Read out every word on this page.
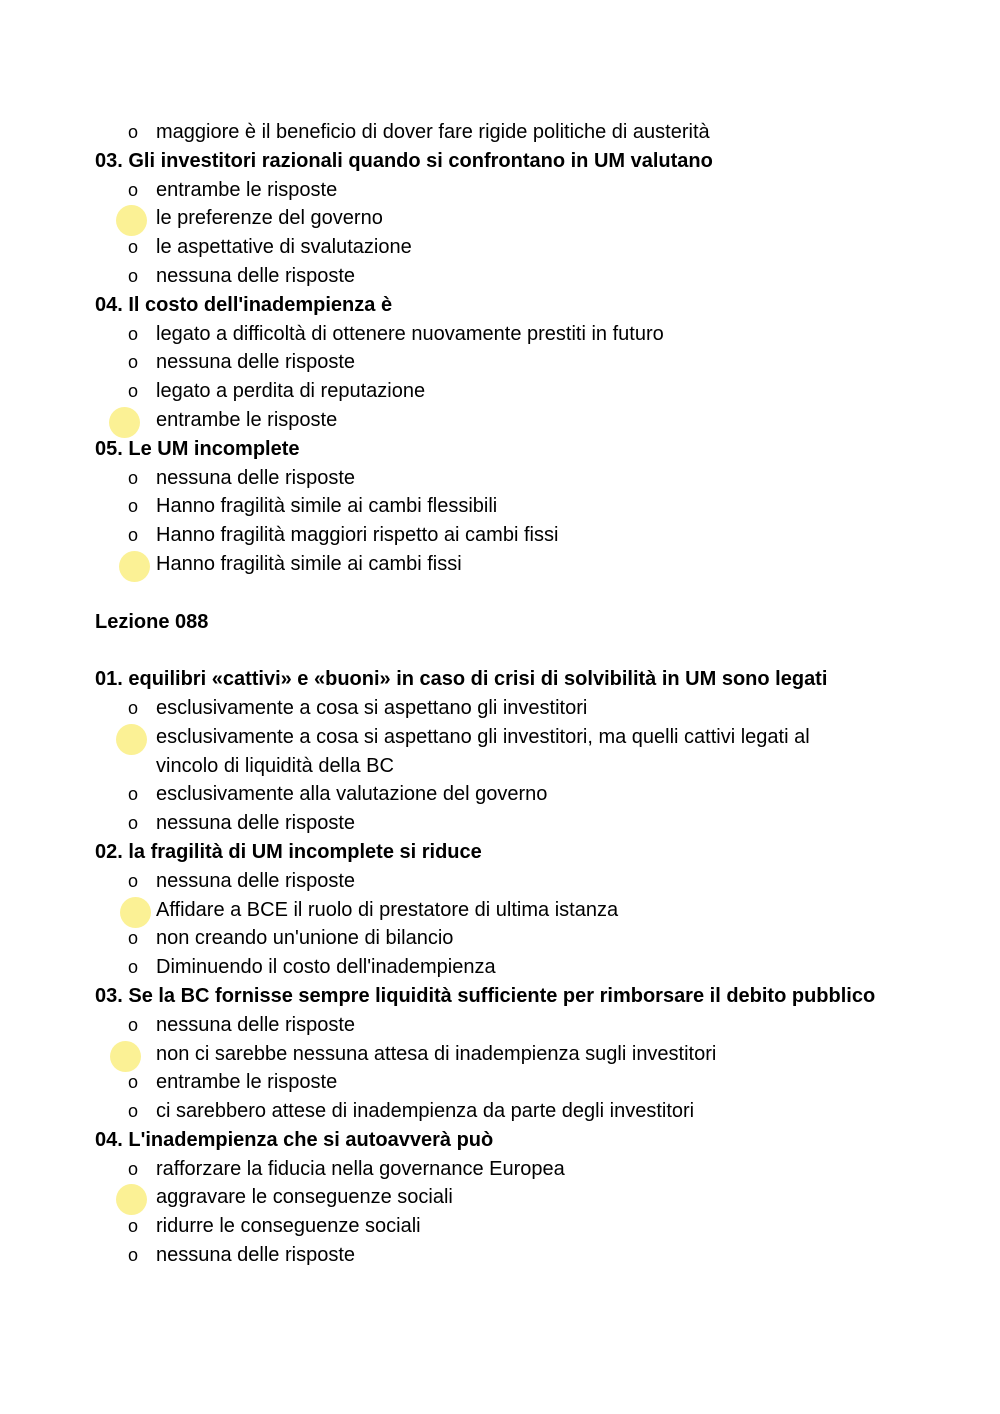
o maggiore è il beneficio di dover fare rigide politiche di austerità
03. Gli investitori razionali quando si confrontano in UM valutano
o entrambe le risposte
le preferenze del governo
o le aspettative di svalutazione
o nessuna delle risposte
04. Il costo dell'inadempienza è
o legato a difficoltà di ottenere nuovamente prestiti in futuro
o nessuna delle risposte
o legato a perdita di reputazione
entrambe le risposte
05. Le UM incomplete
o nessuna delle risposte
o Hanno fragilità simile ai cambi flessibili
o Hanno fragilità maggiori rispetto ai cambi fissi
Hanno fragilità simile ai cambi fissi
Lezione 088
01. equilibri «cattivi» e «buoni» in caso di crisi di solvibilità in UM sono legati
o esclusivamente a cosa si aspettano gli investitori
esclusivamente a cosa si aspettano gli investitori, ma quelli cattivi legati al vincolo di liquidità della BC
o esclusivamente alla valutazione del governo
o nessuna delle risposte
02. la fragilità di UM incomplete si riduce
o nessuna delle risposte
Affidare a BCE il ruolo di prestatore di ultima istanza
o non creando un'unione di bilancio
o Diminuendo il costo dell'inadempienza
03. Se la BC fornisse sempre liquidità sufficiente per rimborsare il debito pubblico
o nessuna delle risposte
non ci sarebbe nessuna attesa di inadempienza sugli investitori
o entrambe le risposte
o ci sarebbero attese di inadempienza da parte degli investitori
04. L'inadempienza che si autoavverà può
o rafforzare la fiducia nella governance Europea
aggravare le conseguenze sociali
o ridurre le conseguenze sociali
o nessuna delle risposte
